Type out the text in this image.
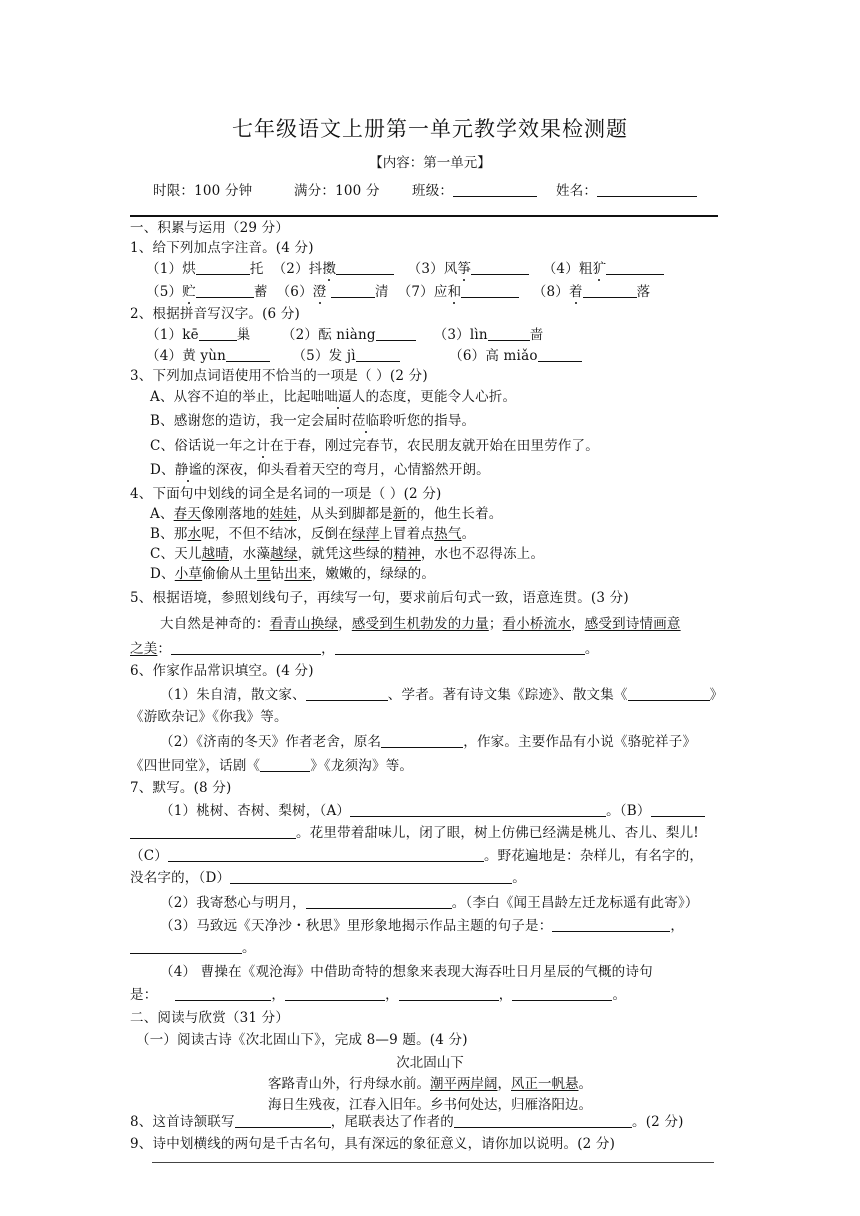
七年级语文上册第一单元教学效果检测题
【内容：第一单元】
时限：100 分钟	满分：100 分 班级：	姓名：
一、积累与运用（29 分）
1、给下列加点字注音。(4 分)
（1）烘	托 （2）抖擞	（3）风筝	（4）粗犷
（5）贮	蓄 （6）澄	清 （7）应和	（8）着	落
2、根据拼音写汉字。(6 分)
（1）kē	巢 （2）酝 niàng	（3）lìn	啬
（4）黄 yùn	（5）发 jì	（6）高 miǎo
3、下列加点词语使用不恰当的一项是（ ）(2 分)
A、从容不迫的举止，比起咄咄逼人的态度，更能令人心折。
B、感谢您的造访，我一定会届时莅临聆听您的指导。
C、俗话说一年之计在于春，刚过完春节，农民朋友就开始在田里劳作了。
D、静谧的深夜，仰头看着天空的弯月，心情豁然开朗。
4、下面句中划线的词全是名词的一项是（ ）(2 分)
A、春天像刚落地的娃娃，从头到脚都是新的，他生长着。
B、那水呢，不但不结冰，反倒在绿萍上冒着点热气。
C、天儿越晴，水藻越绿，就凭这些绿的精神，水也不忍得冻上。
D、小草偷偷从土里钻出来，嫩嫩的，绿绿的。
5、根据语境，参照划线句子，再续写一句，要求前后句式一致，语意连贯。(3 分)
大自然是神奇的：看青山换绿，感受到生机勃发的力量；看小桥流水，感受到诗情画意
之美：	，	。
6、作家作品常识填空。(4 分)
（1）朱自清，散文家、	、学者。著有诗文集《踪迹》、散文集《	》
《游欧杂记》《你我》等。
（2）《济南的冬天》作者老舍，原名	，作家。主要作品有小说《骆驼祥子》
《四世同堂》，话剧《	》《龙须沟》等。
7、默写。(8 分)
（1）桃树、杏树、梨树，（A）	。（B）
。花里带着甜味儿，闭了眼，树上仿佛已经满是桃儿、杏儿、梨儿!
（C）	。野花遍地是：杂样儿，有名字的，
没名字的，（D）	。
（2）我寄愁心与明月，	。（李白《闻王昌龄左迁龙标遥有此寄》）
（3）马致远《天净沙・秋思》里形象地揭示作品主题的句子是：	，
。
（4） 曹操在《观沧海》中借助奇特的想象来表现大海吞吐日月星辰的气概的诗句
是：	，	，	，	。
二、阅读与欣赏（31 分）
（一）阅读古诗《次北固山下》，完成 8—9 题。(4 分)
次北固山下
客路青山外，行舟绿水前。潮平两岸阔，风正一帆悬。
海日生残夜，江春入旧年。乡书何处达，归雁洛阳边。
8、这首诗颔联写	，尾联表达了作者的	。(2 分)
9、诗中划横线的两句是千古名句，具有深远的象征意义，请你加以说明。(2 分)
